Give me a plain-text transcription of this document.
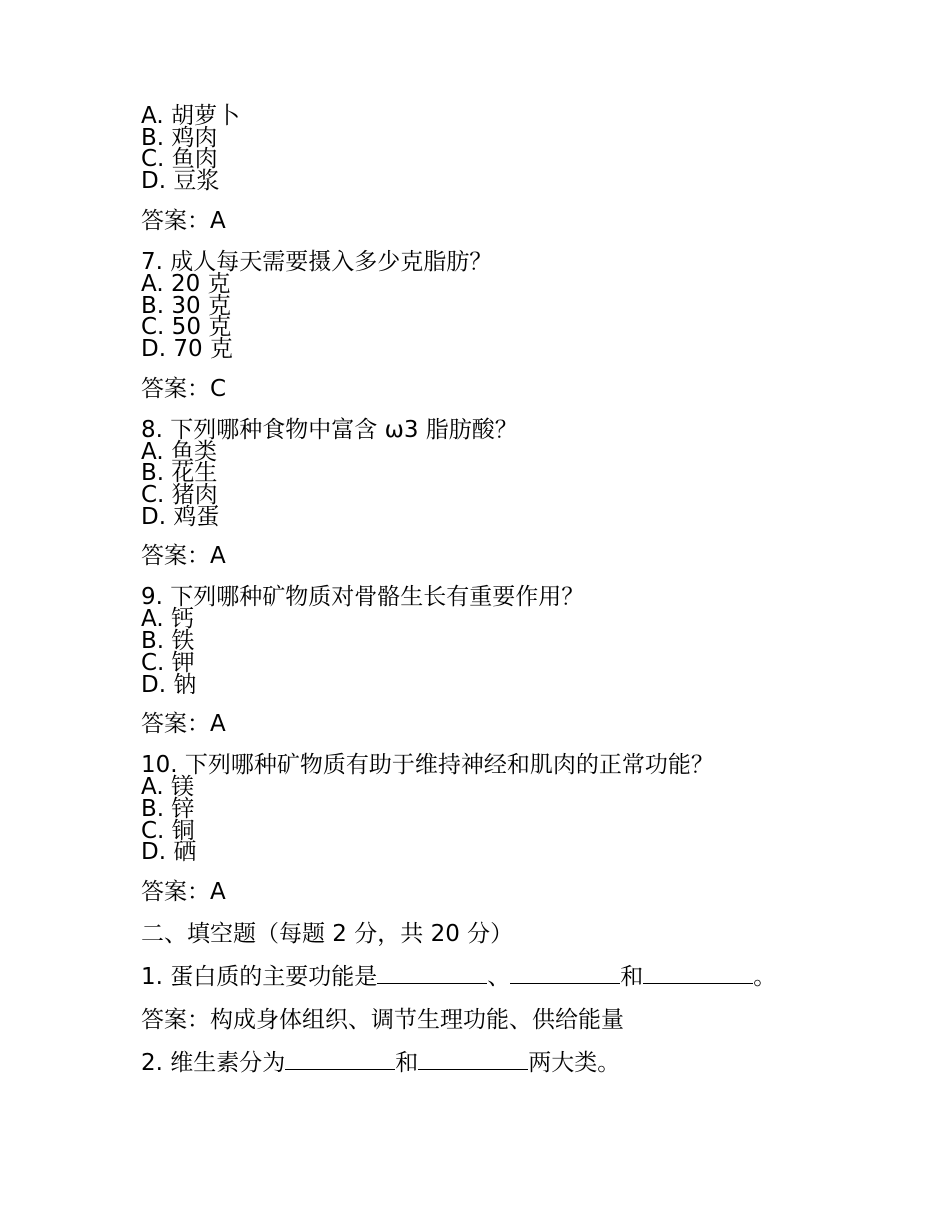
A. 胡萝卜
B. 鸡肉
C. 鱼肉
D. 豆浆
答案：A
7. 成人每天需要摄入多少克脂肪？
A. 20 克
B. 30 克
C. 50 克
D. 70 克
答案：C
8. 下列哪种食物中富含 ω3 脂肪酸？
A. 鱼类
B. 花生
C. 猪肉
D. 鸡蛋
答案：A
9. 下列哪种矿物质对骨骼生长有重要作用？
A. 钙
B. 铁
C. 钾
D. 钠
答案：A
10. 下列哪种矿物质有助于维持神经和肌肉的正常功能？
A. 镁
B. 锌
C. 铜
D. 硒
答案：A
二、填空题（每题 2 分，共 20 分）
1. 蛋白质的主要功能是	、	和	。
答案：构成身体组织、调节生理功能、供给能量
2. 维生素分为	和	两大类。
